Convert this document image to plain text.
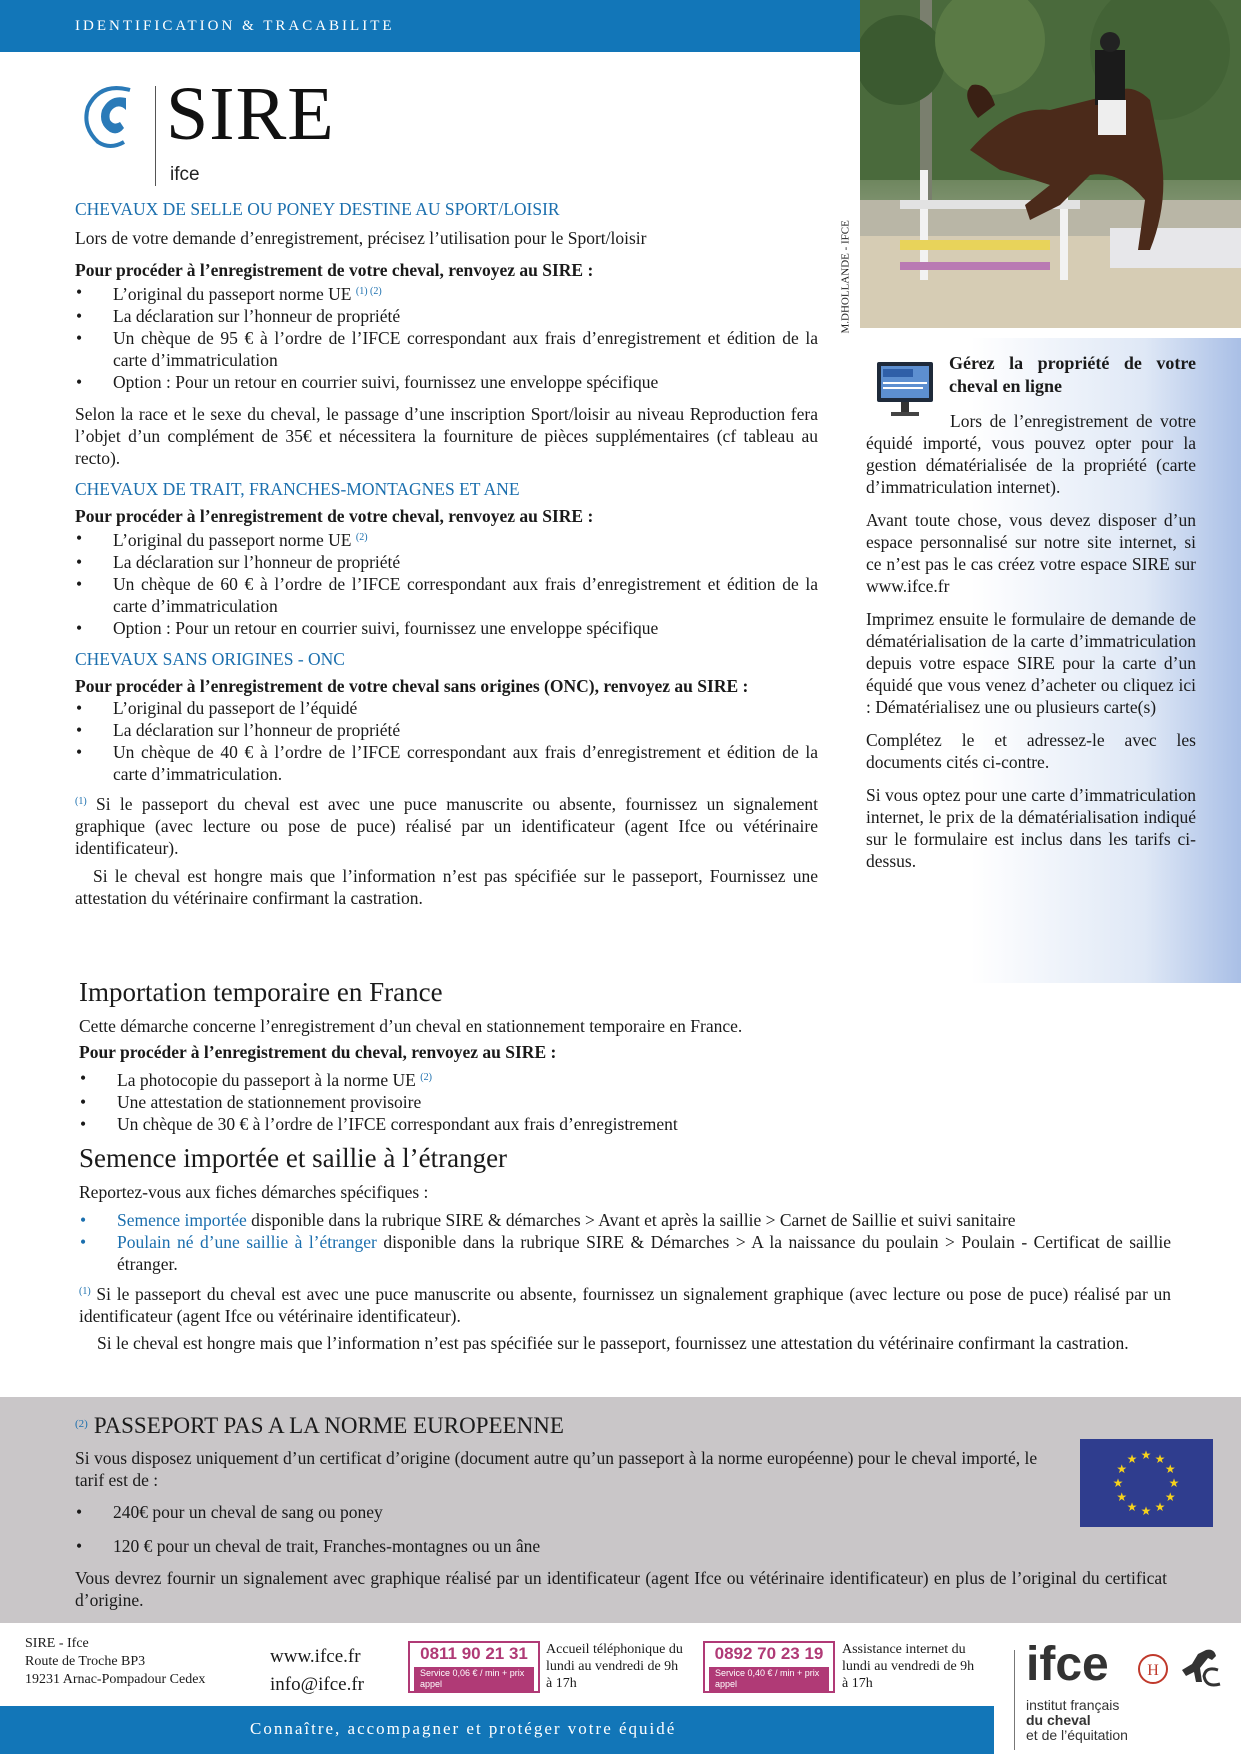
IDENTIFICATION & TRACABILITE
M.DHOLLANDE - IFCE
SIRE
ifce
CHEVAUX DE SELLE OU PONEY DESTINE AU SPORT/LOISIR
Lors de votre demande d’enregistrement, précisez l’utilisation pour le Sport/loisir
Pour procéder à l’enregistrement de votre cheval, renvoyez au SIRE :
• L’original du passeport norme UE $^{(1) (2)}$
• La déclaration sur l’honneur de propriété
• Un chèque de 95 € à l’ordre de l’IFCE correspondant aux frais d’enregistrement et édition de la carte d’immatriculation
• Option : Pour un retour en courrier suivi, fournissez une enveloppe spécifique
Selon la race et le sexe du cheval, le passage d’une inscription Sport/loisir au niveau Reproduction fera l’objet d’un complément de 35€ et nécessitera la fourniture de pièces supplémentaires (cf tableau au recto).
CHEVAUX DE TRAIT, FRANCHES-MONTAGNES ET ANE
Pour procéder à l’enregistrement de votre cheval, renvoyez au SIRE :
• L’original du passeport norme UE $^{(2)}$
• La déclaration sur l’honneur de propriété
• Un chèque de 60 € à l’ordre de l’IFCE correspondant aux frais d’enregistrement et édition de la carte d’immatriculation
• Option : Pour un retour en courrier suivi, fournissez une enveloppe spécifique
CHEVAUX SANS ORIGINES - ONC
Pour procéder à l’enregistrement de votre cheval sans origines (ONC), renvoyez au SIRE :
• L’original du passeport de l’équidé
• La déclaration sur l’honneur de propriété
• Un chèque de 40 € à l’ordre de l’IFCE correspondant aux frais d’enregistrement et édition de la carte d’immatriculation.
$^{(1)}$ Si le passeport du cheval est avec une puce manuscrite ou absente, fournissez un signalement graphique (avec lecture ou pose de puce) réalisé par un identificateur (agent Ifce ou vétérinaire identificateur).
Si le cheval est hongre mais que l’information n’est pas spécifiée sur le passeport, Fournissez une attestation du vétérinaire confirmant la castration.
Gérez la propriété de votre cheval en ligne
Lors de l’enregistrement de votre équidé importé, vous pouvez opter pour la gestion dématérialisée de la propriété (carte d’immatriculation internet).
Avant toute chose, vous devez disposer d’un espace personnalisé sur notre site internet, si ce n’est pas le cas créez votre espace SIRE sur www.ifce.fr
Imprimez ensuite le formulaire de demande de dématérialisation de la carte d’immatriculation depuis votre espace SIRE pour la carte d’un équidé que vous venez d’acheter ou cliquez ici : Dématérialisez une ou plusieurs carte(s)
Complétez le et adressez-le avec les documents cités ci-contre.
Si vous optez pour une carte d’immatriculation internet, le prix de la dématérialisation indiqué sur le formulaire est inclus dans les tarifs ci-dessus.
Importation temporaire en France
Cette démarche concerne l’enregistrement d’un cheval en stationnement temporaire en France.
Pour procéder à l’enregistrement du cheval, renvoyez au SIRE :
• La photocopie du passeport à la norme UE $^{(2)}$
• Une attestation de stationnement provisoire
• Un chèque de 30 € à l’ordre de l’IFCE correspondant aux frais d’enregistrement
Semence importée et saillie à l’étranger
Reportez-vous aux fiches démarches spécifiques :
• Semence importée disponible dans la rubrique SIRE & démarches > Avant et après la saillie > Carnet de Saillie et suivi sanitaire
• Poulain né d’une saillie à l’étranger disponible dans la rubrique SIRE & Démarches > A la naissance du poulain > Poulain - Certificat de saillie étranger.
$^{(1)}$ Si le passeport du cheval est avec une puce manuscrite ou absente, fournissez un signalement graphique (avec lecture ou pose de puce) réalisé par un identificateur (agent Ifce ou vétérinaire identificateur).
Si le cheval est hongre mais que l’information n’est pas spécifiée sur le passeport, fournissez une attestation du vétérinaire confirmant la castration.
$^{(2)}$ PASSEPORT PAS A LA NORME EUROPEENNE
Si vous disposez uniquement d’un certificat d’origine (document autre qu’un passeport à la norme européenne) pour le cheval importé, le tarif est de :
• 240€ pour un cheval de sang ou poney
• 120 € pour un cheval de trait, Franches-montagnes ou un âne
Vous devrez fournir un signalement avec graphique réalisé par un identificateur (agent Ifce ou vétérinaire identificateur) en plus de l’original du certificat d’origine.
★ ★
★
★
★
★
★
★
★
★
★
★
SIRE - Ifce
Route de Troche BP3
19231 Arnac-Pompadour Cedex
www.ifce.fr
info@ifce.fr
0811 90 21 31
Service 0,06 € / min + prix appel
Accueil téléphonique du lundi au vendredi de 9h à 17h
0892 70 23 19
Service 0,40 € / min + prix appel
Assistance internet du lundi au vendredi de 9h à 17h
Connaître, accompagner et protéger votre équidé
ifce H
institut français
du cheval
et de l’équitation
